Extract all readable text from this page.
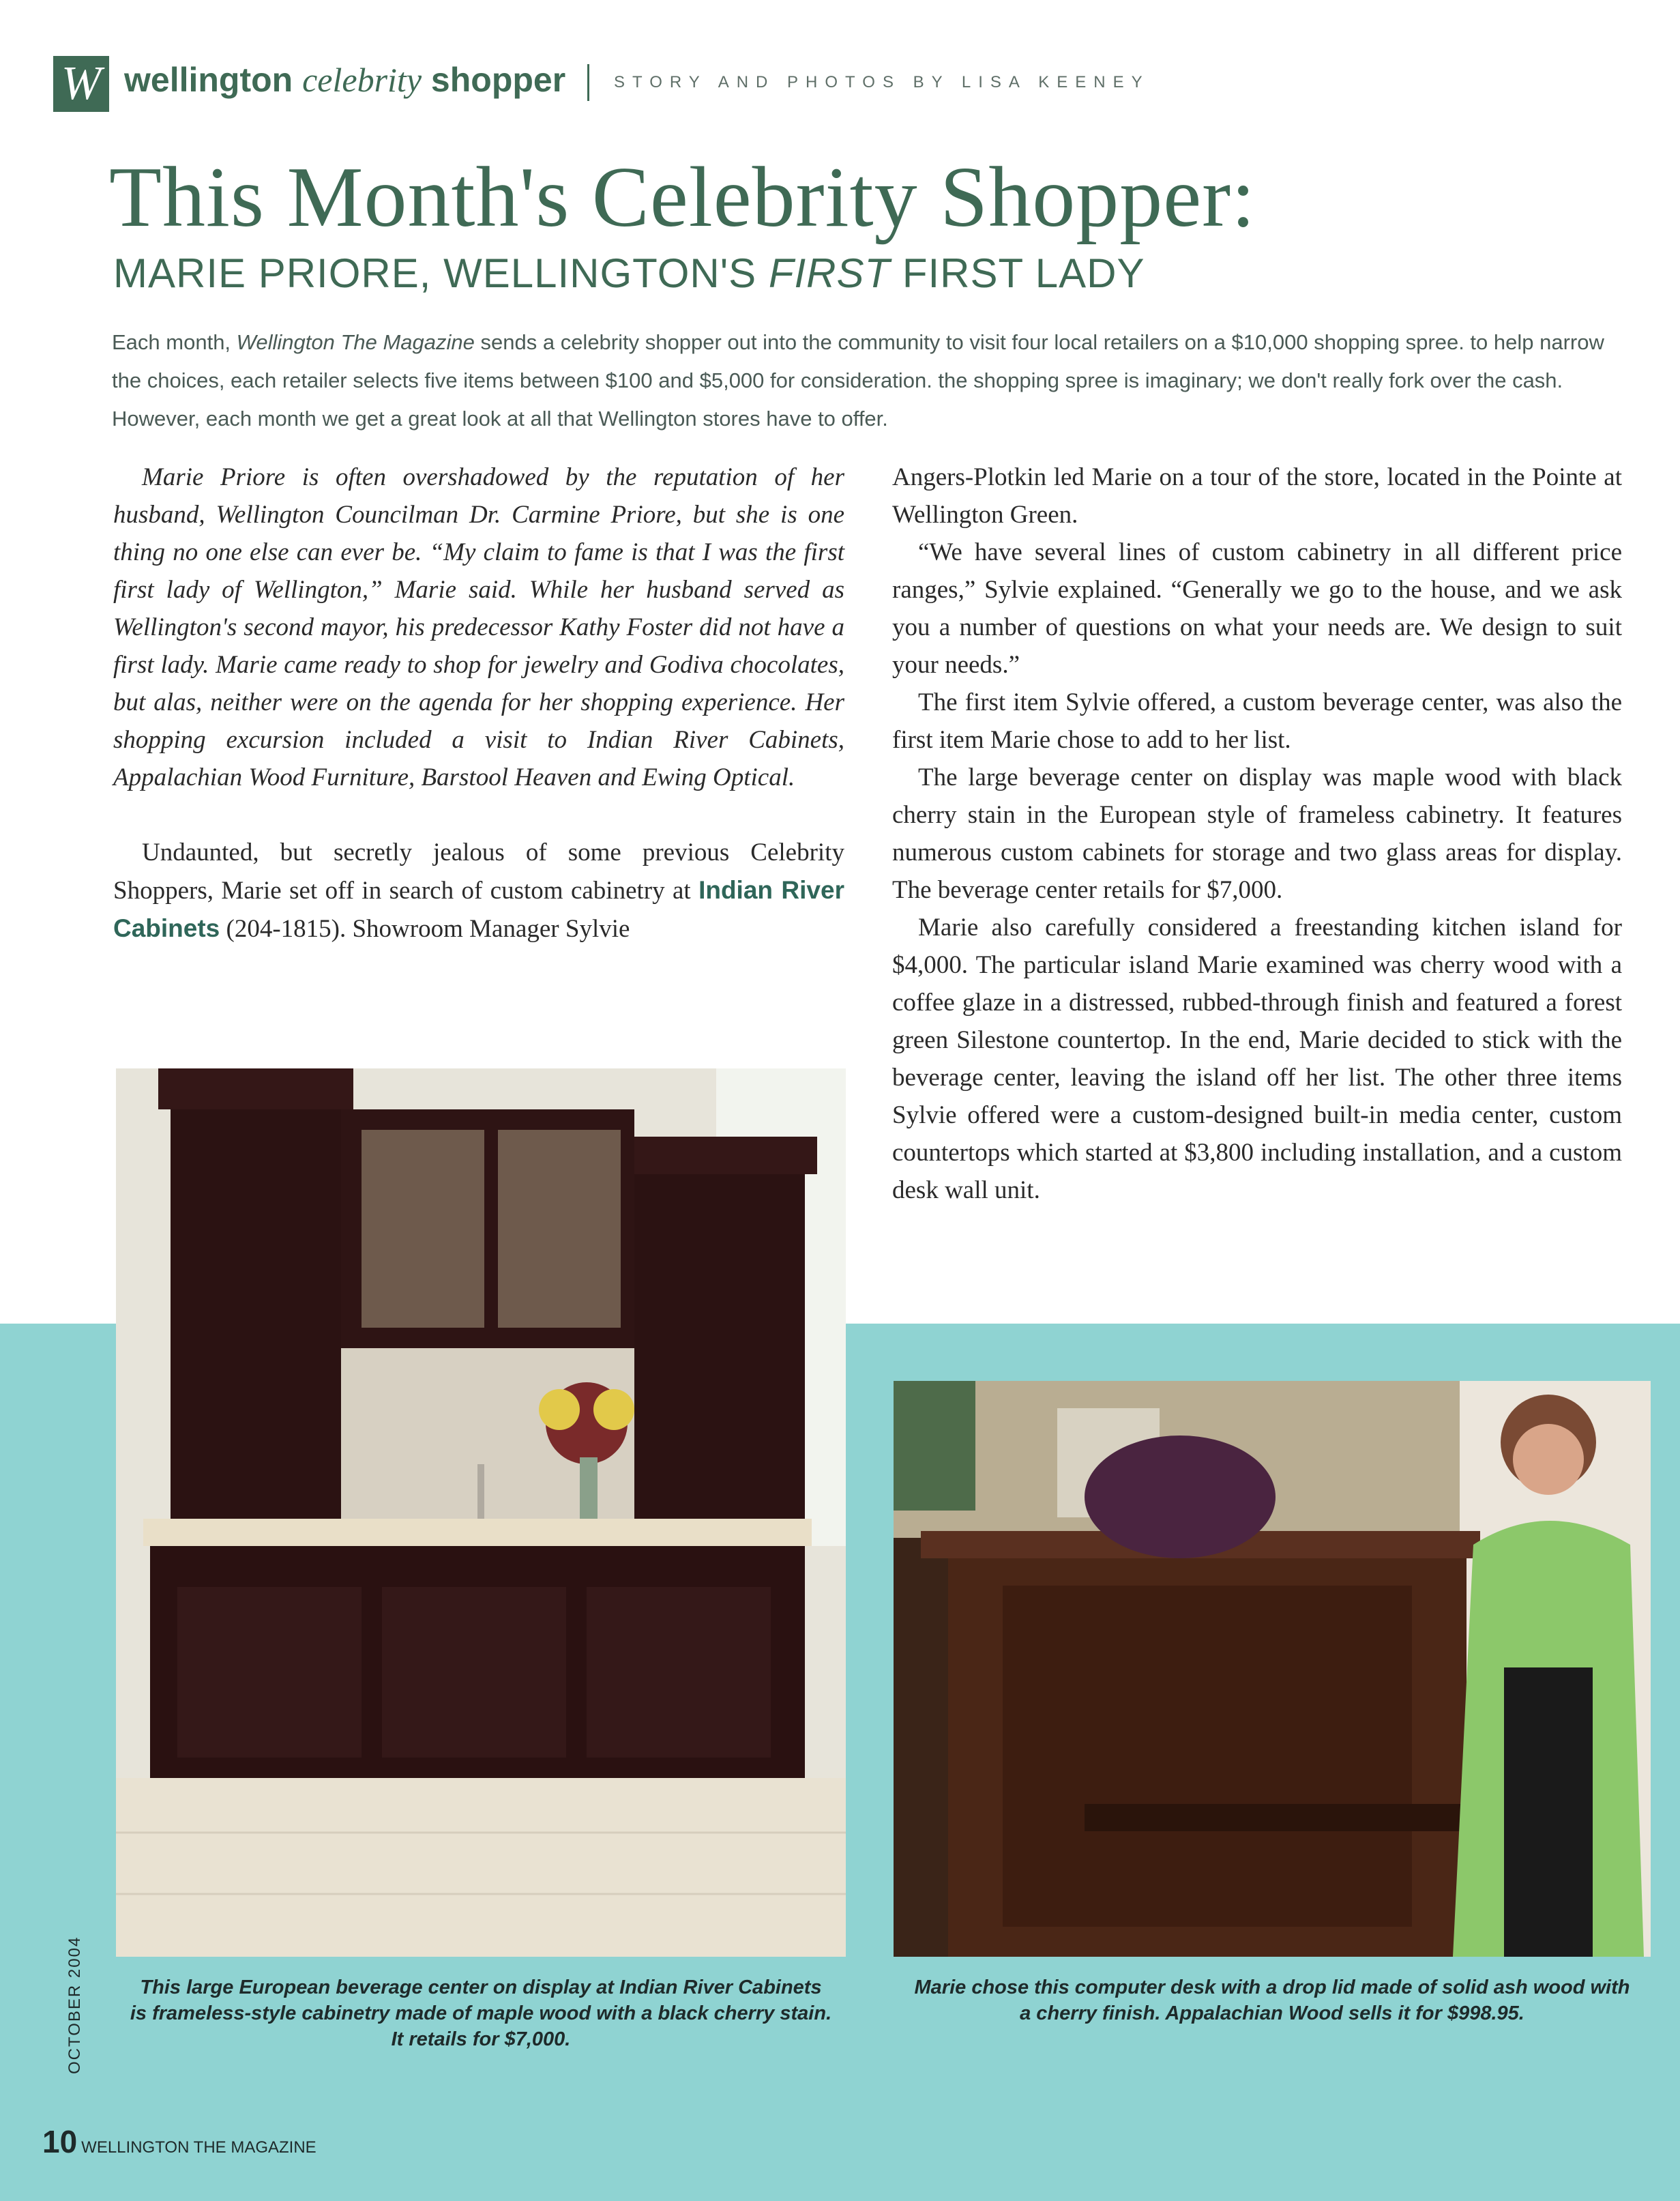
W wellington celebrity shopper	STORY AND PHOTOS BY LISA KEENEY
This Month's Celebrity Shopper:
MARIE PRIORE, WELLINGTON'S FIRST FIRST LADY
Each month, Wellington The Magazine sends a celebrity shopper out into the community to visit four local retailers on a $10,000 shopping spree. to help narrow the choices, each retailer selects five items between $100 and $5,000 for consideration. the shopping spree is imaginary; we don't really fork over the cash. However, each month we get a great look at all that Wellington stores have to offer.

Marie Priore is often overshadowed by the reputation of her husband, Wellington Councilman Dr. Carmine Priore, but she is one thing no one else can ever be. “My claim to fame is that I was the first first lady of Wellington,” Marie said. While her husband served as Wellington's second mayor, his predecessor Kathy Foster did not have a first lady. Marie came ready to shop for jewelry and Godiva chocolates, but alas, neither were on the agenda for her shopping experience. Her shopping excursion included a visit to Indian River Cabinets, Appalachian Wood Furniture, Barstool Heaven and Ewing Optical.

Undaunted, but secretly jealous of some previous Celebrity Shoppers, Marie set off in search of custom cabinetry at Indian River Cabinets (204-1815). Showroom Manager Sylvie

Angers-Plotkin led Marie on a tour of the store, located in the Pointe at Wellington Green.

“We have several lines of custom cabinetry in all different price ranges,” Sylvie explained. “Generally we go to the house, and we ask you a number of questions on what your needs are. We design to suit your needs.”

The first item Sylvie offered, a custom beverage center, was also the first item Marie chose to add to her list.

The large beverage center on display was maple wood with black cherry stain in the European style of frameless cabinetry. It features numerous custom cabinets for storage and two glass areas for display. The beverage center retails for $7,000.

Marie also carefully considered a freestanding kitchen island for $4,000. The particular island Marie examined was cherry wood with a coffee glaze in a distressed, rubbed-through finish and featured a forest green Silestone countertop. In the end, Marie decided to stick with the beverage center, leaving the island off her list. The other three items Sylvie offered were a custom-designed built-in media center, custom countertops which started at $3,800 including installation, and a custom desk wall unit.

This large European beverage center on display at Indian River Cabinets is frameless-style cabinetry made of maple wood with a black cherry stain. It retails for $7,000.
Marie chose this computer desk with a drop lid made of solid ash wood with a cherry finish. Appalachian Wood sells it for $998.95.
OCTOBER 2004
10 WELLINGTON THE MAGAZINE
